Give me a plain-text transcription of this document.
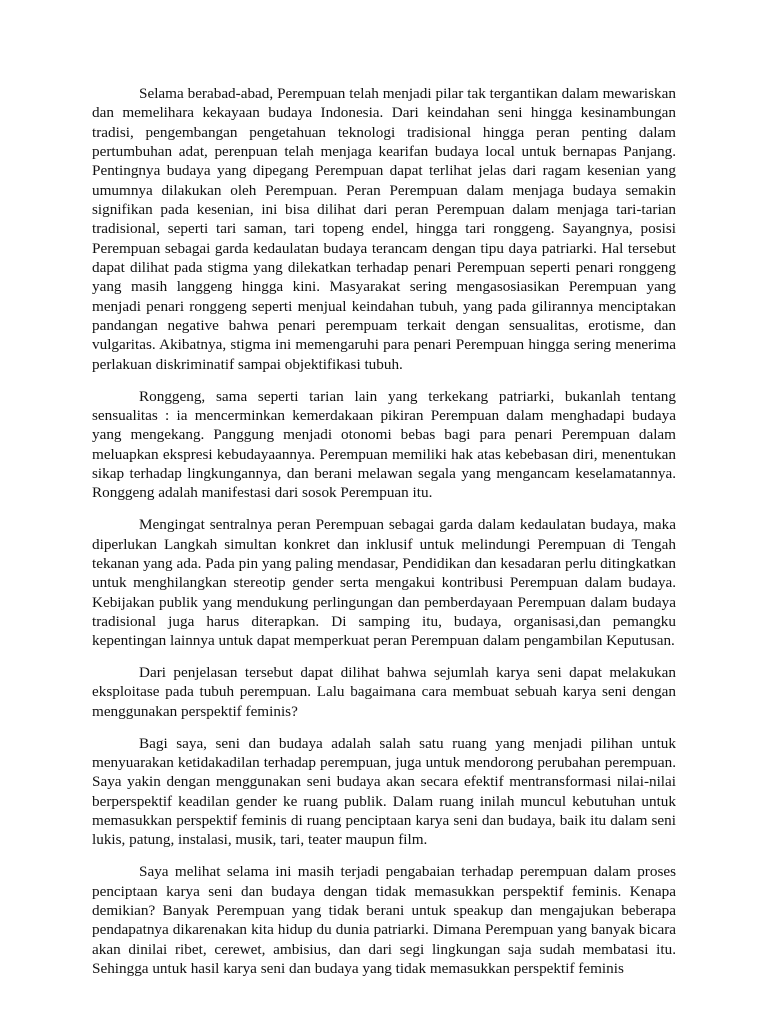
Selama berabad-abad, Perempuan telah menjadi pilar tak tergantikan dalam mewariskan dan memelihara kekayaan budaya Indonesia. Dari keindahan seni hingga kesinambungan tradisi, pengembangan pengetahuan teknologi tradisional hingga peran penting dalam pertumbuhan adat, perenpuan telah menjaga kearifan budaya local untuk bernapas Panjang. Pentingnya budaya yang dipegang Perempuan dapat terlihat jelas dari ragam kesenian yang umumnya dilakukan oleh Perempuan. Peran Perempuan dalam menjaga budaya semakin signifikan pada kesenian, ini bisa dilihat dari peran Perempuan dalam menjaga tari-tarian tradisional, seperti tari saman, tari topeng endel, hingga tari ronggeng. Sayangnya, posisi Perempuan sebagai garda kedaulatan budaya terancam dengan tipu daya patriarki. Hal tersebut dapat dilihat pada stigma yang dilekatkan terhadap penari Perempuan seperti penari ronggeng yang masih langgeng hingga kini. Masyarakat sering mengasosiasikan Perempuan yang menjadi penari ronggeng seperti menjual keindahan tubuh, yang pada gilirannya menciptakan pandangan negative bahwa penari perempuam terkait dengan sensualitas, erotisme, dan vulgaritas. Akibatnya, stigma ini memengaruhi para penari Perempuan hingga sering menerima perlakuan diskriminatif sampai objektifikasi tubuh.

Ronggeng, sama seperti tarian lain yang terkekang patriarki, bukanlah tentang sensualitas : ia mencerminkan kemerdakaan pikiran Perempuan dalam menghadapi budaya yang mengekang. Panggung menjadi otonomi bebas bagi para penari Perempuan dalam meluapkan ekspresi kebudayaannya. Perempuan memiliki hak atas kebebasan diri, menentukan sikap terhadap lingkungannya, dan berani melawan segala yang mengancam keselamatannya. Ronggeng adalah manifestasi dari sosok Perempuan itu.

Mengingat sentralnya peran Perempuan sebagai garda dalam kedaulatan budaya, maka diperlukan Langkah simultan konkret dan inklusif untuk melindungi Perempuan di Tengah tekanan yang ada. Pada pin yang paling mendasar, Pendidikan dan kesadaran perlu ditingkatkan untuk menghilangkan stereotip gender serta mengakui kontribusi Perempuan dalam budaya. Kebijakan publik yang mendukung perlingungan dan pemberdayaan Perempuan dalam budaya tradisional juga harus diterapkan. Di samping itu, budaya, organisasi,dan pemangku kepentingan lainnya untuk dapat memperkuat peran Perempuan dalam pengambilan Keputusan.

Dari penjelasan tersebut dapat dilihat bahwa sejumlah karya seni dapat melakukan eksploitase pada tubuh perempuan. Lalu bagaimana cara membuat sebuah karya seni dengan menggunakan perspektif feminis?

Bagi saya, seni dan budaya adalah salah satu ruang yang menjadi pilihan untuk menyuarakan ketidakadilan terhadap perempuan, juga untuk mendorong perubahan perempuan. Saya yakin dengan menggunakan seni budaya akan secara efektif mentransformasi nilai-nilai berperspektif keadilan gender ke ruang publik. Dalam ruang inilah muncul kebutuhan untuk memasukkan perspektif feminis di ruang penciptaan karya seni dan budaya, baik itu dalam seni lukis, patung, instalasi, musik, tari, teater maupun film.

Saya melihat selama ini masih terjadi pengabaian terhadap perempuan dalam proses penciptaan karya seni dan budaya dengan tidak memasukkan perspektif feminis. Kenapa demikian? Banyak Perempuan yang tidak berani untuk speakup dan mengajukan beberapa pendapatnya dikarenakan kita hidup du dunia patriarki. Dimana Perempuan yang banyak bicara akan dinilai ribet, cerewet, ambisius, dan dari segi lingkungan saja sudah membatasi itu. Sehingga untuk hasil karya seni dan budaya yang tidak memasukkan perspektif feminis
